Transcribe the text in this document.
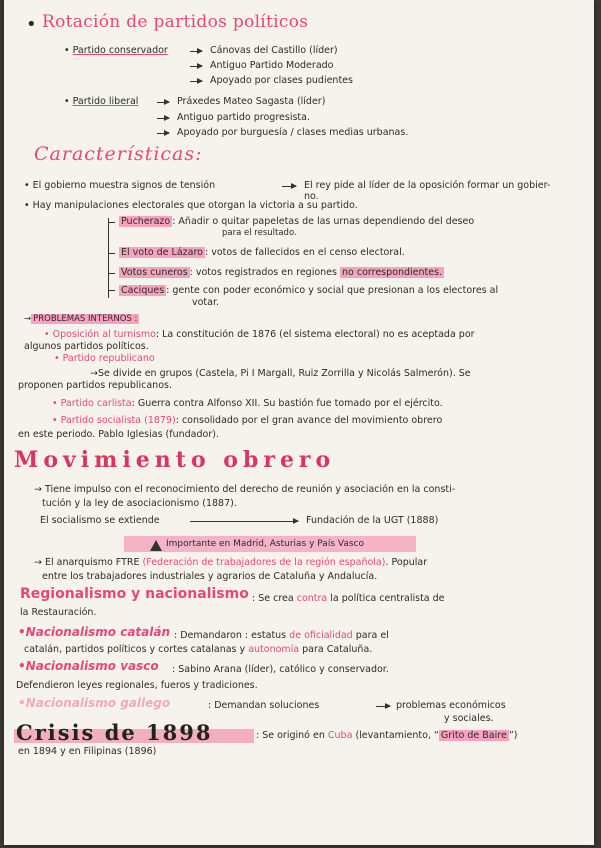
• Rotación de partidos políticos
• Partido conservador	Cánovas del Castillo (líder)
Antiguo Partido Moderado
Apoyado por clases pudientes
• Partido liberal	Práxedes Mateo Sagasta (líder)
Antiguo partido progresista.
Apoyado por burguesía / clases medias urbanas.
Características:
• El gobierno muestra signos de tensión	El rey pide al líder de la oposición formar un gobier-
no.
• Hay manipulaciones electorales que otorgan la victoria a su partido.
Pucherazo : Añadir o quitar papeletas de las urnas dependiendo del deseo
para el resultado.
El voto de Lázaro : votos de fallecidos en el censo electoral.
Votos cuneros : votos registrados en regiones no correspondientes.
Caciques : gente con poder económico y social que presionan a los electores al
votar.
→ PROBLEMAS INTERNOS :
• Oposición al turnismo: La constitución de 1876 (el sistema electoral) no es aceptada por
algunos partidos políticos.
• Partido republicano
→Se divide en grupos (Castela, Pi I Margall, Ruiz Zorrilla y Nicolás Salmerón). Se
proponen partidos republicanos.
• Partido carlista: Guerra contra Alfonso XII. Su bastión fue tomado por el ejército.
• Partido socialista (1879): consolidado por el gran avance del movimiento obrero
en este periodo. Pablo Iglesias (fundador).
Movimiento obrero
→ Tiene impulso con el reconocimiento del derecho de reunión y asociación en la consti-
tución y la ley de asociacionismo (1887).
El socialismo se extiende	Fundación de la UGT (1888)
Importante en Madrid, Asturias y País Vasco
→ El anarquismo FTRE (Federación de trabajadores de la región española). Popular
entre los trabajadores industriales y agrarios de Cataluña y Andalucía.
Regionalismo y nacionalismo : Se crea contra la política centralista de
la Restauración.
•Nacionalismo catalán : Demandaron : estatus de oficialidad para el
catalán, partidos políticos y cortes catalanas y autonomía para Cataluña.
•Nacionalismo vasco : Sabino Arana (líder), católico y conservador.
Defendieron leyes regionales, fueros y tradiciones.
•Nacionalismo gallego	: Demandan soluciones	problemas económicos
y sociales.
Crisis de 1898	: Se originó en Cuba (levantamiento, “ Grito de Baire ”)
en 1894 y en Filipinas (1896)
